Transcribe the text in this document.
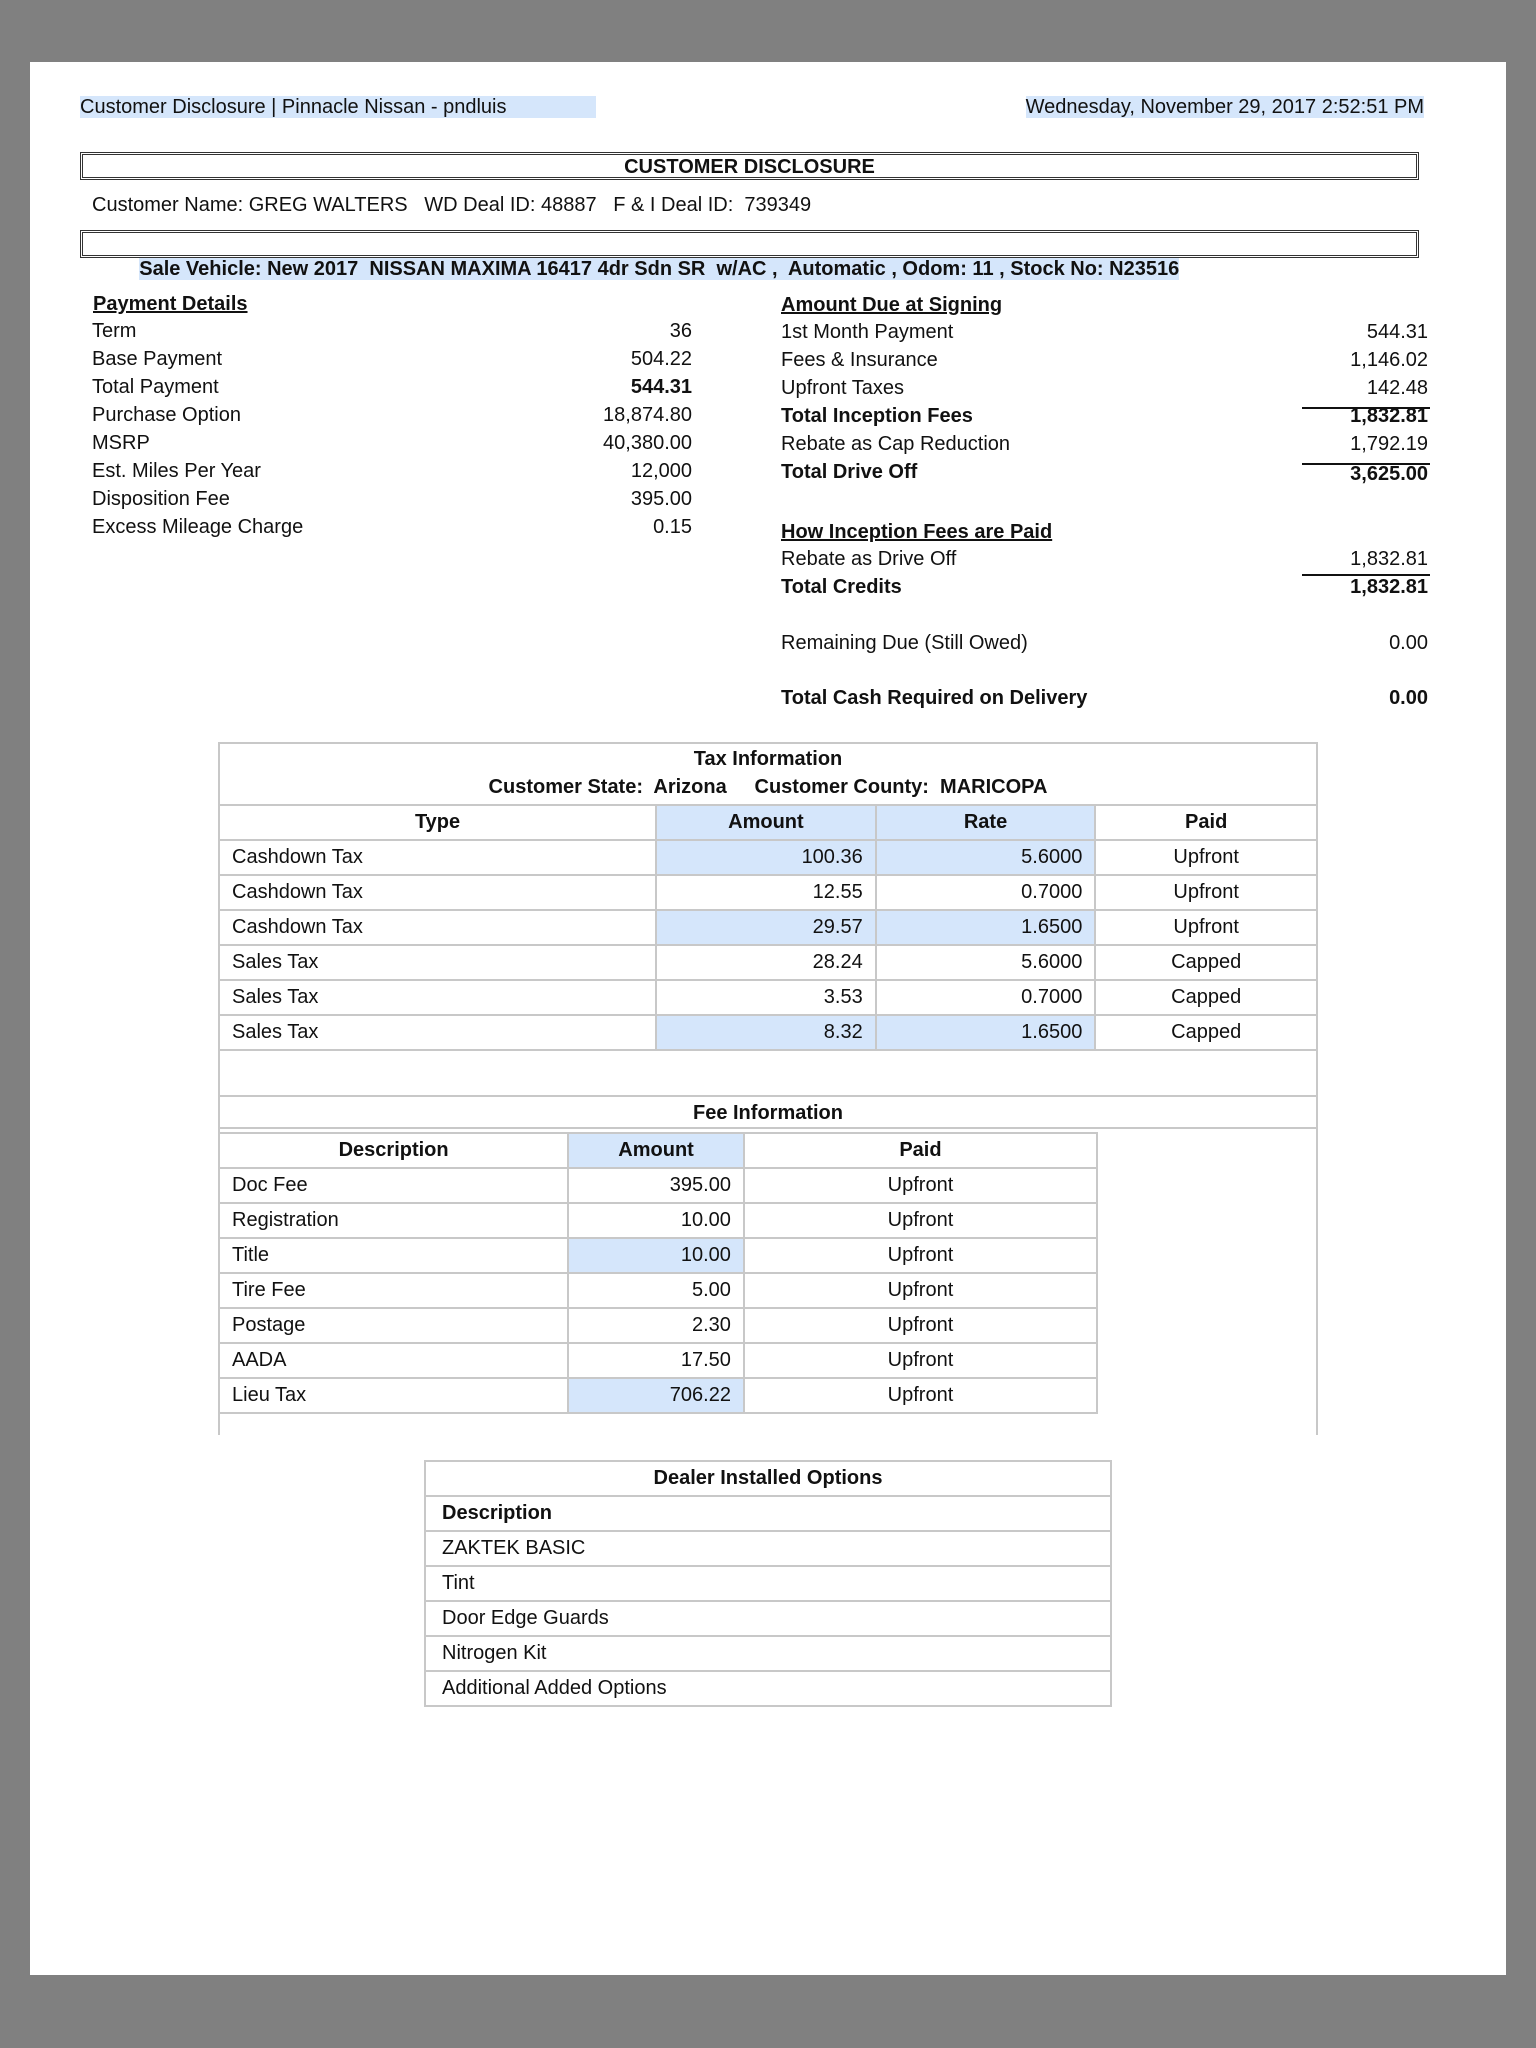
Customer Disclosure | Pinnacle Nissan - pndluis	Wednesday, November 29, 2017 2:52:51 PM
CUSTOMER DISCLOSURE
Customer Name: GREG WALTERS   WD Deal ID: 48887   F & I Deal ID:  739349

Sale Vehicle: New 2017  NISSAN MAXIMA 16417 4dr Sdn SR  w/AC ,  Automatic , Odom: 11 , Stock No: N23516

Payment Details
Term	36
Base Payment	504.22
Total Payment	544.31
Purchase Option	18,874.80
MSRP	40,380.00
Est. Miles Per Year	12,000
Disposition Fee	395.00
Excess Mileage Charge	0.15
Amount Due at Signing
1st Month Payment	544.31
Fees & Insurance	1,146.02
Upfront Taxes	142.48
Total Inception Fees	1,832.81
Rebate as Cap Reduction	1,792.19
Total Drive Off	3,625.00
How Inception Fees are Paid
Rebate as Drive Off	1,832.81
Total Credits	1,832.81
Remaining Due (Still Owed)	0.00
Total Cash Required on Delivery	0.00
Tax Information
Customer State:  Arizona     Customer County:  MARICOPA
Type	Amount	Rate	Paid
Cashdown Tax	100.36	5.6000	Upfront
Cashdown Tax	12.55	0.7000	Upfront
Cashdown Tax	29.57	1.6500	Upfront
Sales Tax	28.24	5.6000	Capped
Sales Tax	3.53	0.7000	Capped
Sales Tax	8.32	1.6500	Capped
Fee Information
Description	Amount	Paid
Doc Fee	395.00	Upfront
Registration	10.00	Upfront
Title	10.00	Upfront
Tire Fee	5.00	Upfront
Postage	2.30	Upfront
AADA	17.50	Upfront
Lieu Tax	706.22	Upfront
Dealer Installed Options
Description
ZAKTEK BASIC
Tint
Door Edge Guards
Nitrogen Kit
Additional Added Options
